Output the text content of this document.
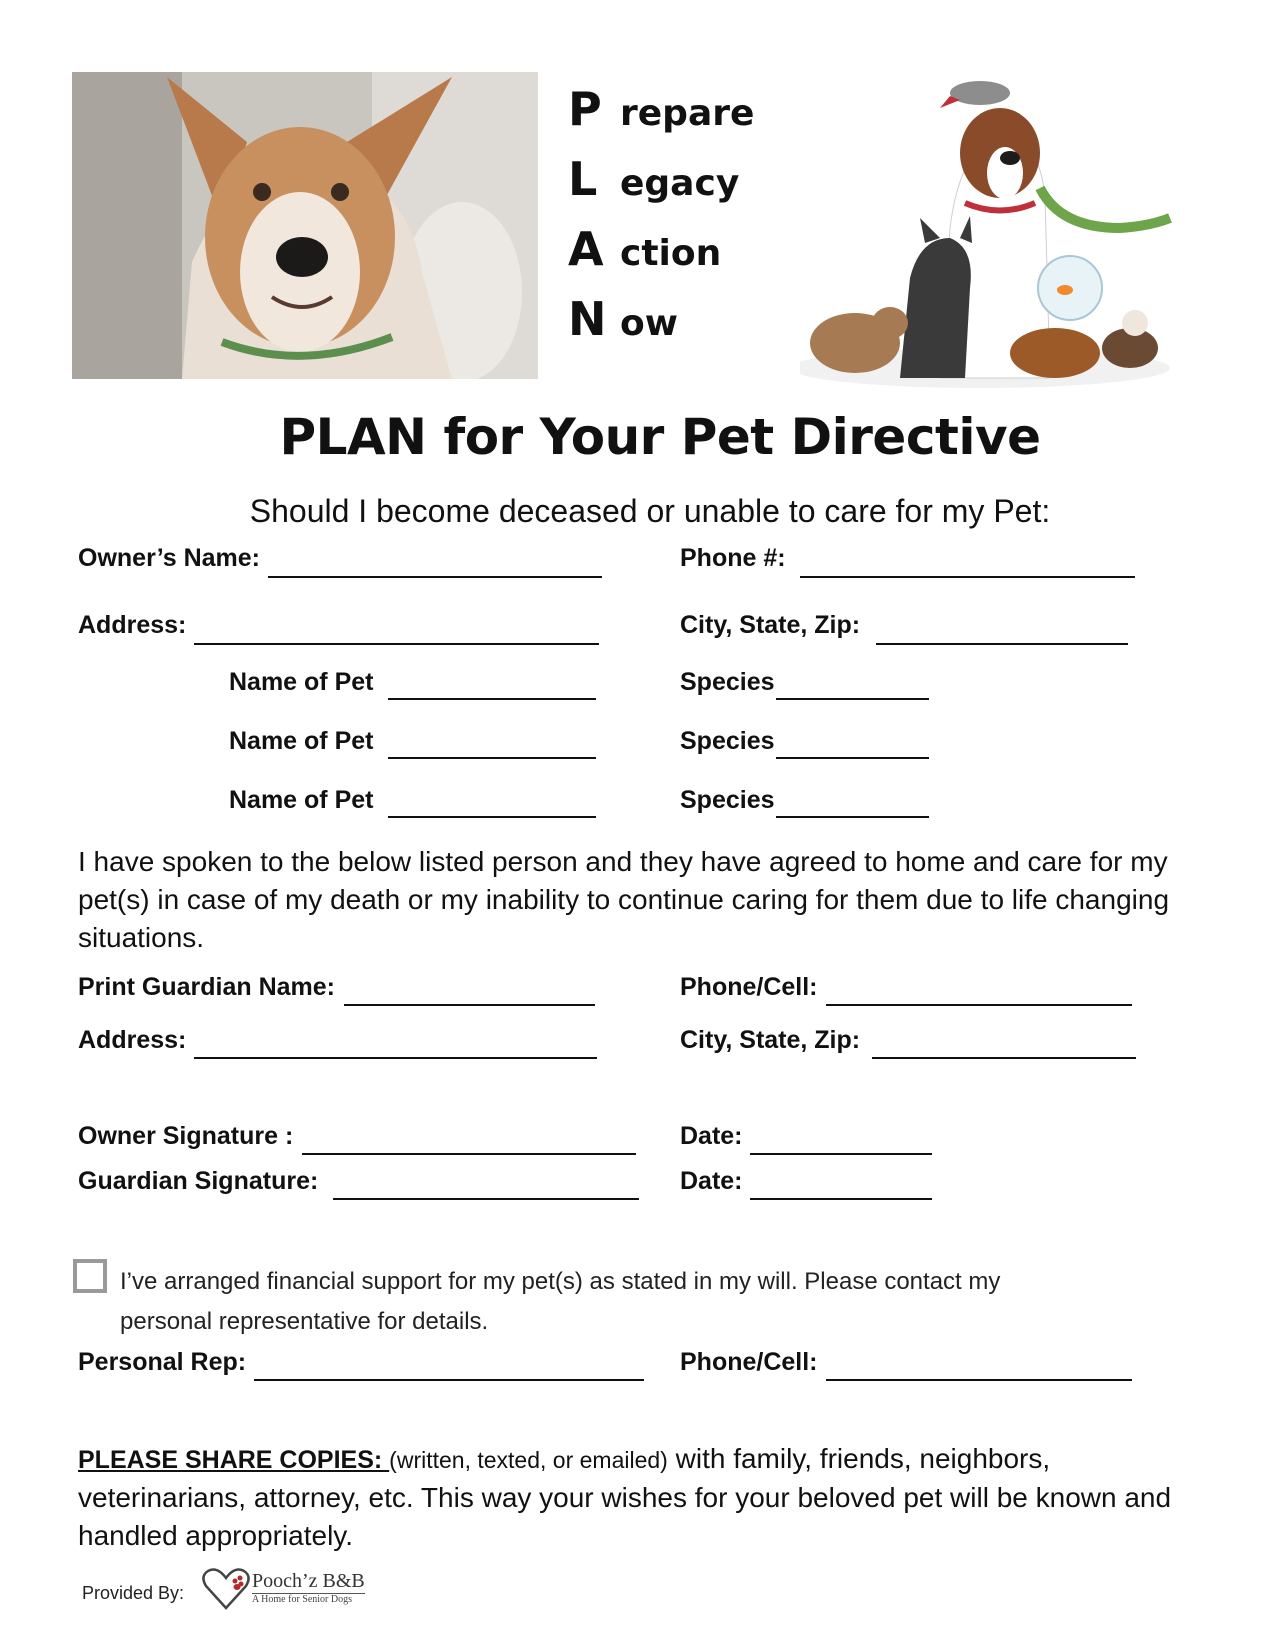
P repare
L egacy
A ction
N ow
PLAN for Your Pet Directive
Should I become deceased or unable to care for my Pet:
Owner’s Name:	Phone #:
Address:	City, State, Zip:
Name of Pet	Species
Name of Pet	Species
Name of Pet	Species
I have spoken to the below listed person and they have agreed to home and care for my pet(s) in case of my death or my inability to continue caring for them due to life changing situations.
Print Guardian Name:	Phone/Cell:
Address:	City, State, Zip:
Owner Signature :	Date:
Guardian Signature:	Date:
I’ve arranged financial support for my pet(s) as stated in my will. Please contact my
personal representative for details.
Personal Rep:	Phone/Cell:
PLEASE SHARE COPIES: (written, texted, or emailed) with family, friends, neighbors, veterinarians, attorney, etc. This way your wishes for your beloved pet will be known and handled appropriately.
Provided By:
Pooch’z B&B
A Home for Senior Dogs
